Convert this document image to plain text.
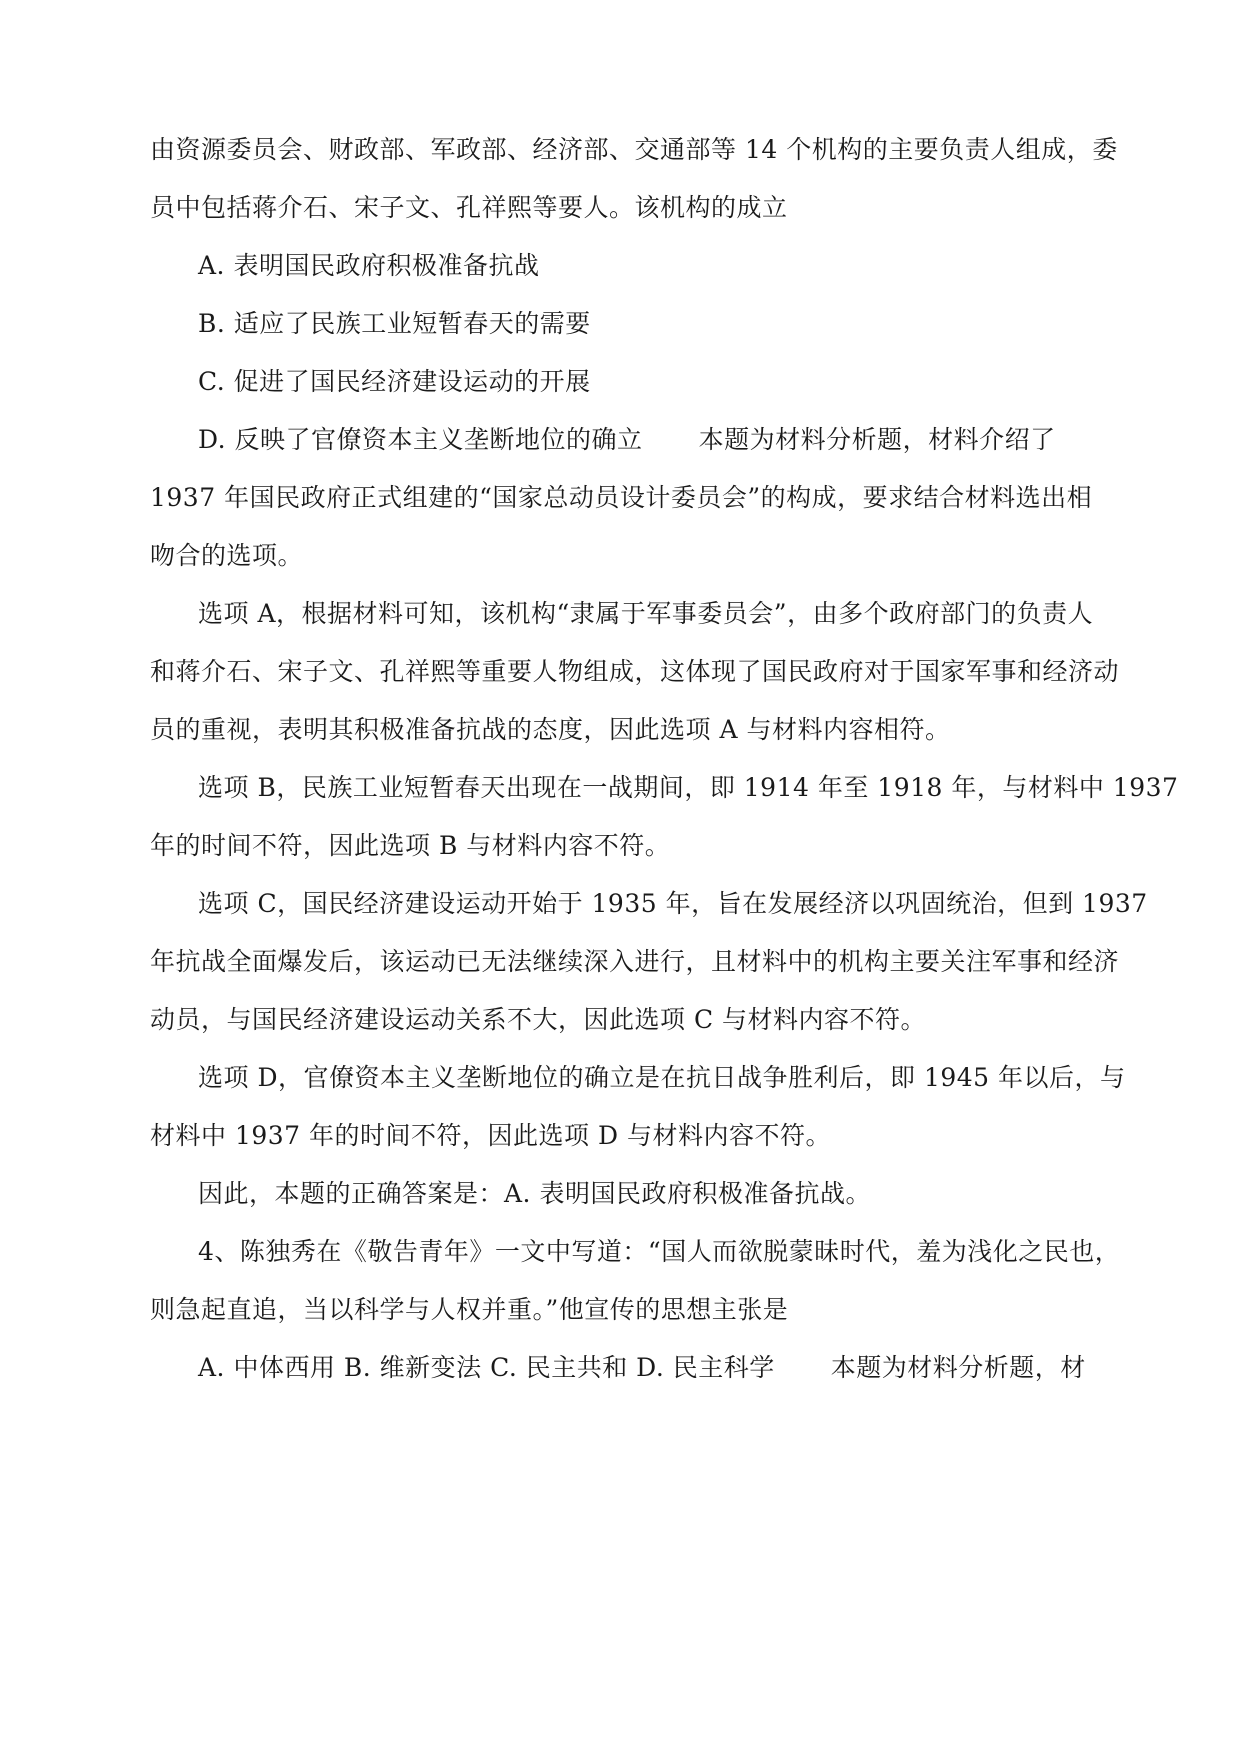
由资源委员会、财政部、军政部、经济部、交通部等 14 个机构的主要负责人组成，委
员中包括蒋介石、宋子文、孔祥熙等要人。该机构的成立
A. 表明国民政府积极准备抗战
B. 适应了民族工业短暂春天的需要
C. 促进了国民经济建设运动的开展
D. 反映了官僚资本主义垄断地位的确立 本题为材料分析题，材料介绍了
1937 年国民政府正式组建的“国家总动员设计委员会”的构成，要求结合材料选出相
吻合的选项。
选项 A，根据材料可知，该机构“隶属于军事委员会”，由多个政府部门的负责人
和蒋介石、宋子文、孔祥熙等重要人物组成，这体现了国民政府对于国家军事和经济动
员的重视，表明其积极准备抗战的态度，因此选项 A 与材料内容相符。
选项 B，民族工业短暂春天出现在一战期间，即 1914 年至 1918 年，与材料中 1937
年的时间不符，因此选项 B 与材料内容不符。
选项 C，国民经济建设运动开始于 1935 年，旨在发展经济以巩固统治，但到 1937
年抗战全面爆发后，该运动已无法继续深入进行，且材料中的机构主要关注军事和经济
动员，与国民经济建设运动关系不大，因此选项 C 与材料内容不符。
选项 D，官僚资本主义垄断地位的确立是在抗日战争胜利后，即 1945 年以后，与
材料中 1937 年的时间不符，因此选项 D 与材料内容不符。
因此，本题的正确答案是：A. 表明国民政府积极准备抗战。
4、陈独秀在《敬告青年》一文中写道：“国人而欲脱蒙昧时代，羞为浅化之民也，
则急起直追，当以科学与人权并重。”他宣传的思想主张是
A. 中体西用 B. 维新变法 C. 民主共和 D. 民主科学 本题为材料分析题，材
